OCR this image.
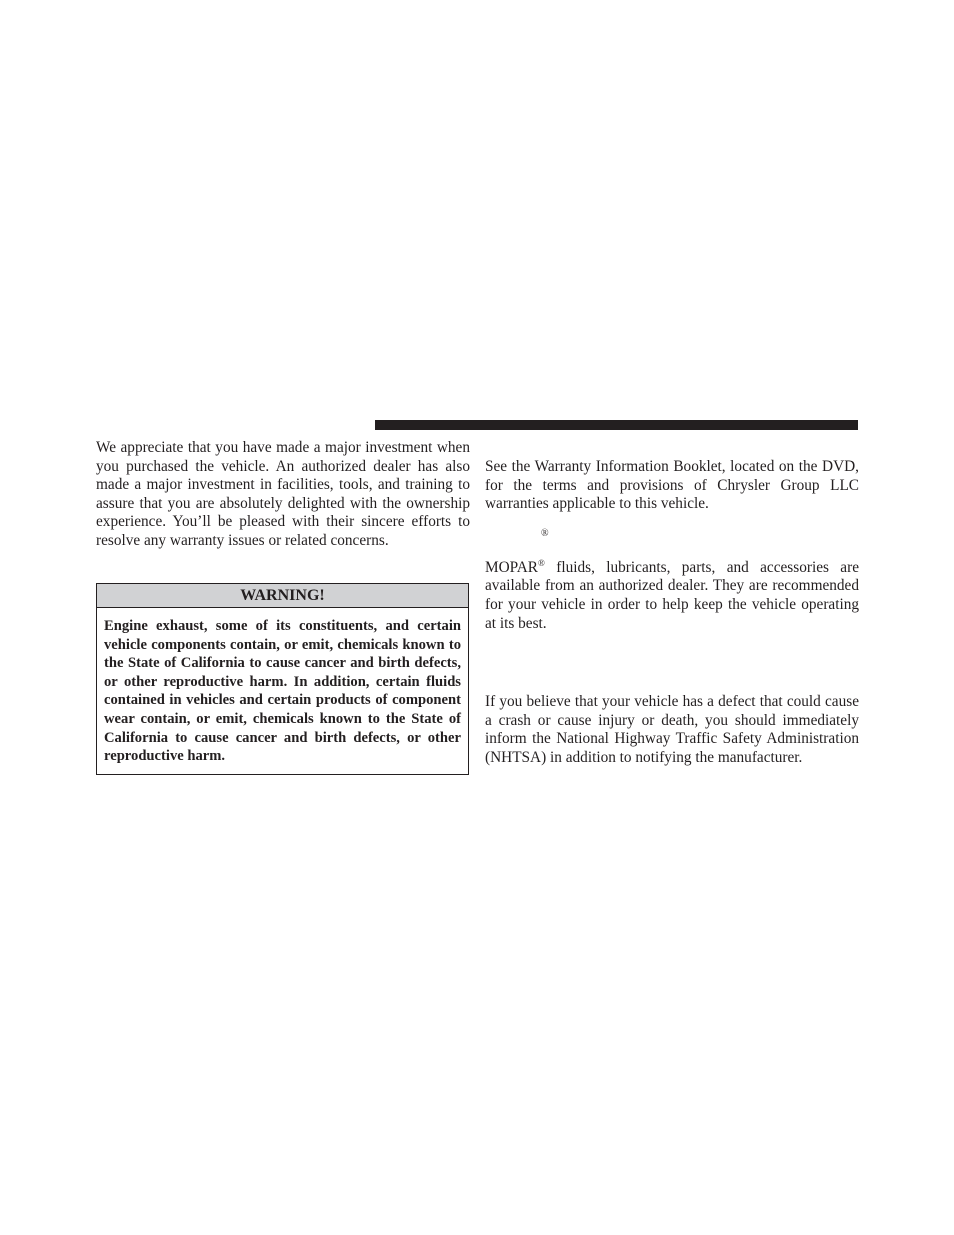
We appreciate that you have made a major investment when you purchased the vehicle. An authorized dealer has also made a major investment in facilities, tools, and training to assure that you are absolutely delighted with the ownership experience. You’ll be pleased with their sincere efforts to resolve any warranty issues or related concerns.

WARNING!
Engine exhaust, some of its constituents, and certain vehicle components contain, or emit, chemicals known to the State of California to cause cancer and birth defects, or other reproductive harm. In addition, certain fluids contained in vehicles and certain products of component wear contain, or emit, chemicals known to the State of California to cause cancer and birth defects, or other reproductive harm.

See the Warranty Information Booklet, located on the DVD, for the terms and provisions of Chrysler Group LLC warranties applicable to this vehicle.

MOPAR® fluids, lubricants, parts, and accessories are available from an authorized dealer. They are recommended for your vehicle in order to help keep the vehicle operating at its best.

If you believe that your vehicle has a defect that could cause a crash or cause injury or death, you should immediately inform the National Highway Traffic Safety Administration (NHTSA) in addition to notifying the manufacturer.

®
